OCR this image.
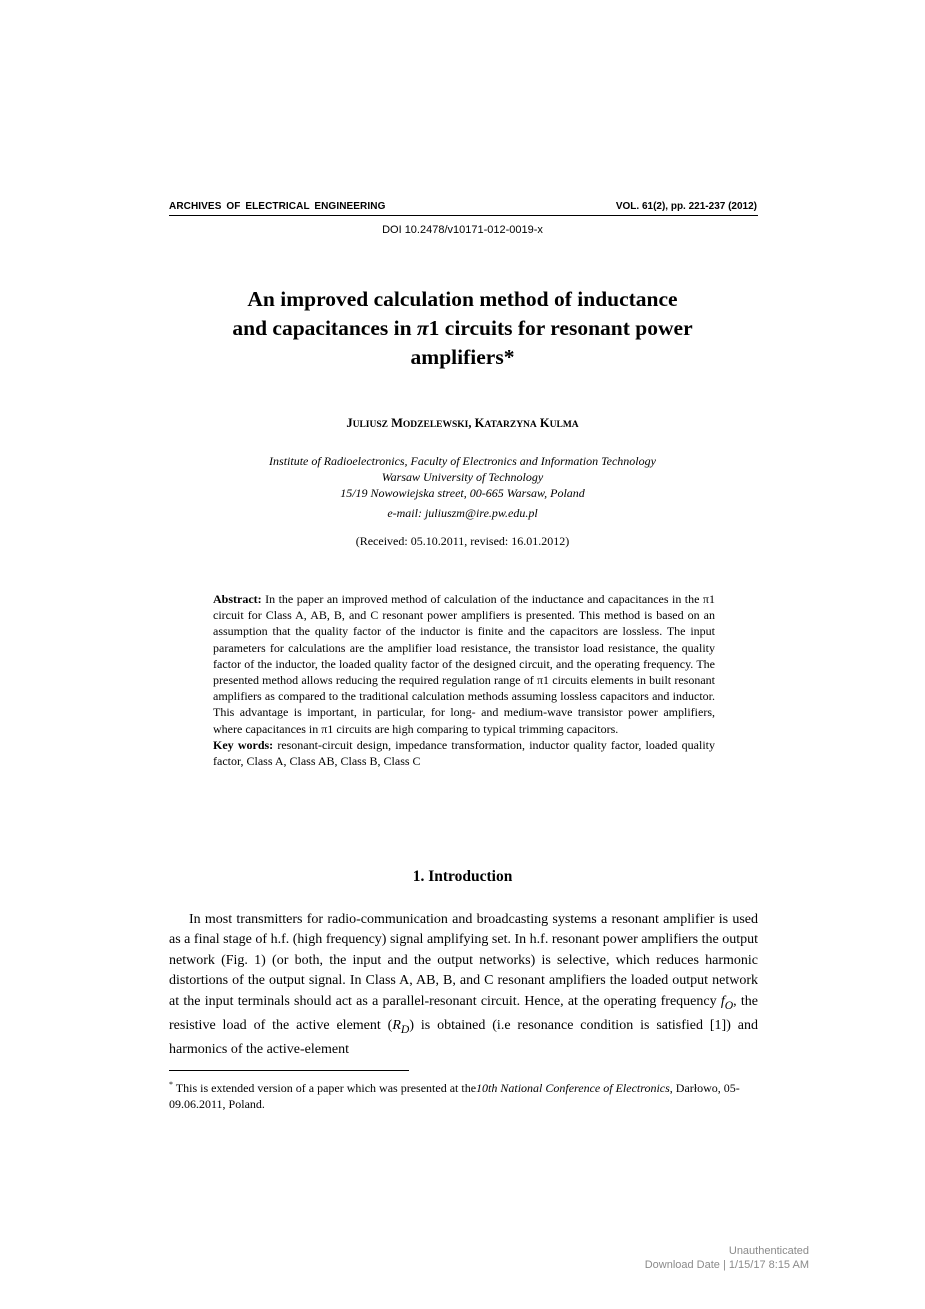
ARCHIVES OF ELECTRICAL ENGINEERING	VOL. 61(2), pp. 221-237 (2012)
DOI 10.2478/v10171-012-0019-x
An improved calculation method of inductance
and capacitances in π1 circuits for resonant power
amplifiers*
JULIUSZ MODZELEWSKI, KATARZYNA KULMA
Institute of Radioelectronics, Faculty of Electronics and Information Technology
Warsaw University of Technology
15/19 Nowowiejska street, 00-665 Warsaw, Poland
e-mail: juliuszm@ire.pw.edu.pl
(Received: 05.10.2011, revised: 16.01.2012)

Abstract: In the paper an improved method of calculation of the inductance and capacitances in the π1 circuit for Class A, AB, B, and C resonant power amplifiers is presented. This method is based on an assumption that the quality factor of the inductor is finite and the capacitors are lossless. The input parameters for calculations are the amplifier load resistance, the transistor load resistance, the quality factor of the inductor, the loaded quality factor of the designed circuit, and the operating frequency. The presented method allows reducing the required regulation range of π1 circuits elements in built resonant amplifiers as compared to the traditional calculation methods assuming lossless capacitors and inductor. This advantage is important, in particular, for long- and medium-wave transistor power amplifiers, where capacitances in π1 circuits are high comparing to typical trimming capacitors.

Key words: resonant-circuit design, impedance transformation, inductor quality factor, loaded quality factor, Class A, Class AB, Class B, Class C

1. Introduction

In most transmitters for radio-communication and broadcasting systems a resonant amplifier is used as a final stage of h.f. (high frequency) signal amplifying set. In h.f. resonant power amplifiers the output network (Fig. 1) (or both, the input and the output networks) is selective, which reduces harmonic distortions of the output signal. In Class A, AB, B, and C resonant amplifiers the loaded output network at the input terminals should act as a parallel-resonant circuit. Hence, at the operating frequency $f_O$, the resistive load of the active element $(R_D)$ is obtained (i.e resonance condition is satisfied [1]) and harmonics of the active-element

* This is extended version of a paper which was presented at the10th National Conference of Electronics, Darłowo, 05-09.06.2011, Poland.
Unauthenticated
Download Date | 1/15/17 8:15 AM
